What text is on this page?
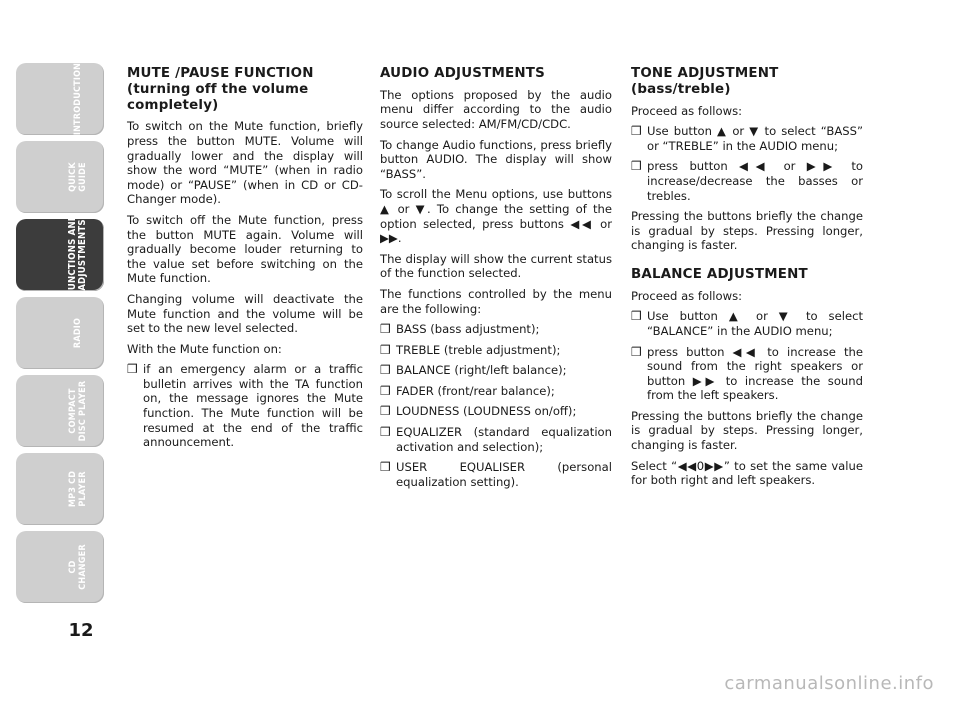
INTRODUCTION
QUICK
GUIDE
FUNCTIONS AND
ADJUSTMENTS
RADIO
COMPACT
DISC PLAYER
MP3 CD
PLAYER
CD
CHANGER
12
MUTE /PAUSE FUNCTION
(turning off the volume
completely)

To switch on the Mute function, briefly press the button MUTE. Volume will gradually lower and the display will show the word “MUTE” (when in radio mode) or “PAUSE” (when in CD or CD-Changer mode).

To switch off the Mute function, press the button MUTE again. Volume will gradually become louder returning to the value set before switching on the Mute function.

Changing volume will deactivate the Mute function and the volume will be set to the new level selected.

With the Mute function on:

❒ if an emergency alarm or a traffic bulletin arrives with the TA function on, the message ignores the Mute function. The Mute function will be resumed at the end of the traffic announcement.
AUDIO ADJUSTMENTS

The options proposed by the audio menu differ according to the audio source selected: AM/FM/CD/CDC.

To change Audio functions, press briefly button AUDIO. The display will show “BASS”.

To scroll the Menu options, use buttons ▲ or ▼. To change the setting of the option selected, press buttons ◀◀ or ▶▶.

The display will show the current status of the function selected.

The functions controlled by the menu are the following:

❒ BASS (bass adjustment);
❒ TREBLE (treble adjustment);
❒ BALANCE (right/left balance);
❒ FADER (front/rear balance);
❒ LOUDNESS (LOUDNESS on/off);
❒ EQUALIZER (standard equalization activation and selection);
❒ USER EQUALISER (personal equalization setting).
TONE ADJUSTMENT
(bass/treble)

Proceed as follows:

❒ Use button ▲ or ▼ to select “BASS” or “TREBLE” in the AUDIO menu;
❒ press button ◀◀ or ▶▶ to increase/decrease the basses or trebles.

Pressing the buttons briefly the change is gradual by steps. Pressing longer, changing is faster.

BALANCE ADJUSTMENT

Proceed as follows:

❒ Use button ▲ or ▼ to select “BALANCE” in the AUDIO menu;
❒ press button ◀◀ to increase the sound from the right speakers or button ▶▶ to increase the sound from the left speakers.

Pressing the buttons briefly the change is gradual by steps. Pressing longer, changing is faster.

Select “◀◀0▶▶” to set the same value for both right and left speakers.

carmanualsonline.info
